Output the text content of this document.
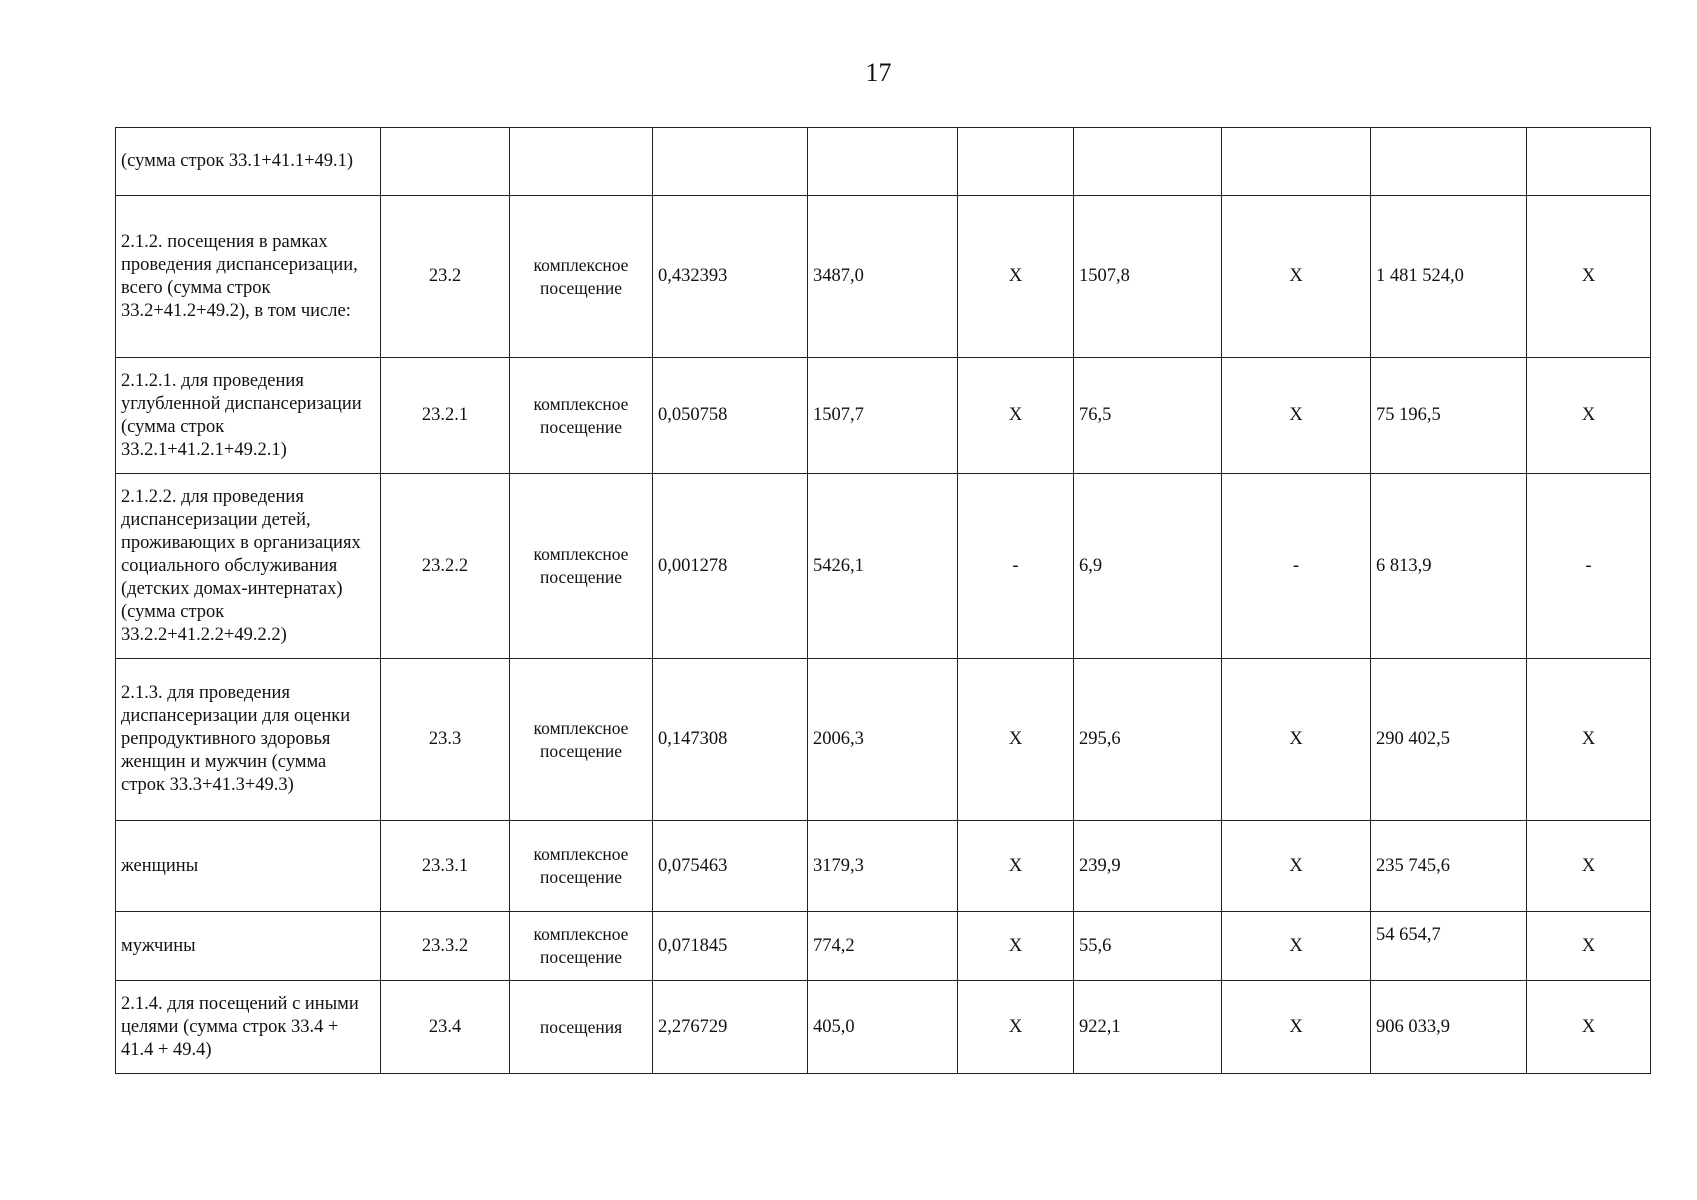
17
(сумма строк 33.1+41.1+49.1)									
2.1.2. посещения в рамках проведения диспансеризации, всего (сумма строк 33.2+41.2+49.2), в том числе:	23.2	комплексное посещение	0,432393	3487,0	X	1507,8	X	1 481 524,0	X
2.1.2.1. для проведения углубленной диспансеризации (сумма строк 33.2.1+41.2.1+49.2.1)	23.2.1	комплексное посещение	0,050758	1507,7	X	76,5	X	75 196,5	X
2.1.2.2. для проведения диспансеризации детей, проживающих в организациях социального обслуживания (детских домах-интернатах) (сумма строк 33.2.2+41.2.2+49.2.2)	23.2.2	комплексное посещение	0,001278	5426,1	-	6,9	-	6 813,9	-
2.1.3. для проведения диспансеризации для оценки репродуктивного здоровья женщин и мужчин (сумма строк 33.3+41.3+49.3)	23.3	комплексное посещение	0,147308	2006,3	X	295,6	X	290 402,5	X
женщины	23.3.1	комплексное посещение	0,075463	3179,3	X	239,9	X	235 745,6	X
мужчины	23.3.2	комплексное посещение	0,071845	774,2	X	55,6	X	54 654,7	X
2.1.4. для посещений с иными целями (сумма строк 33.4 + 41.4 + 49.4)	23.4	посещения	2,276729	405,0	X	922,1	X	906 033,9	X
